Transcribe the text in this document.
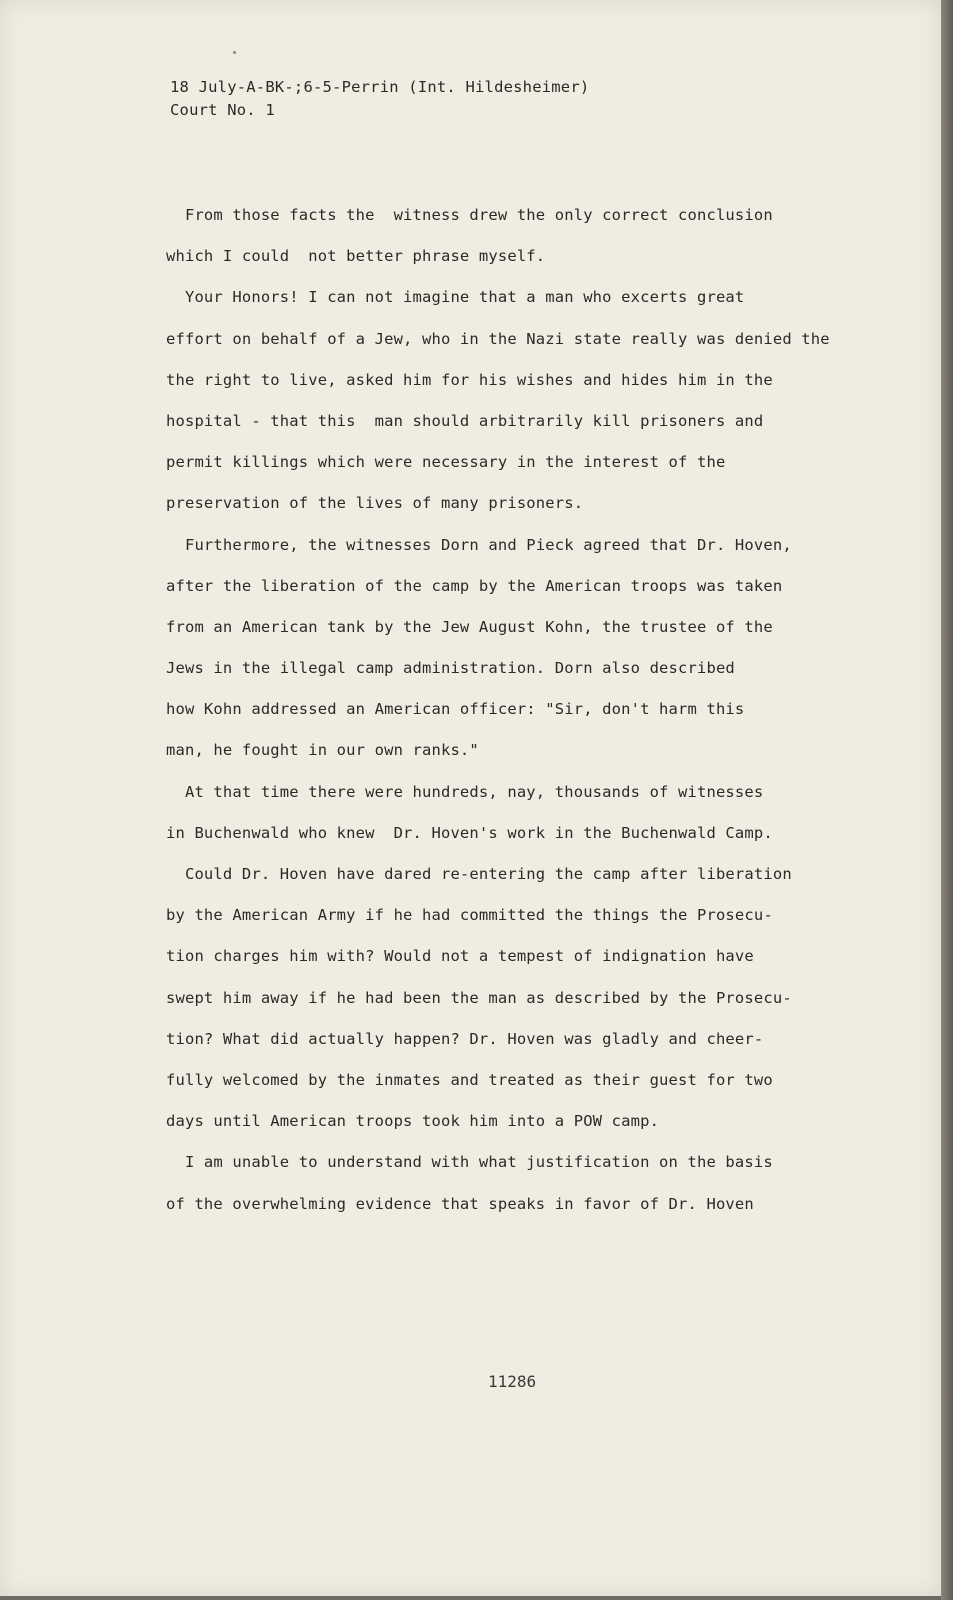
18 July-A-BK-;6-5-Perrin (Int. Hildesheimer)
Court No. 1
From those facts the  witness drew the only correct conclusion
which I could  not better phrase myself.
Your Honors! I can not imagine that a man who excerts great
effort on behalf of a Jew, who in the Nazi state really was denied the
the right to live, asked him for his wishes and hides him in the
hospital - that this  man should arbitrarily kill prisoners and
permit killings which were necessary in the interest of the
preservation of the lives of many prisoners.
Furthermore, the witnesses Dorn and Pieck agreed that Dr. Hoven,
after the liberation of the camp by the American troops was taken
from an American tank by the Jew August Kohn, the trustee of the
Jews in the illegal camp administration. Dorn also described
how Kohn addressed an American officer: "Sir, don't harm this
man, he fought in our own ranks."
At that time there were hundreds, nay, thousands of witnesses
in Buchenwald who knew  Dr. Hoven's work in the Buchenwald Camp.
Could Dr. Hoven have dared re-entering the camp after liberation
by the American Army if he had committed the things the Prosecu-
tion charges him with? Would not a tempest of indignation have
swept him away if he had been the man as described by the Prosecu-
tion? What did actually happen? Dr. Hoven was gladly and cheer-
fully welcomed by the inmates and treated as their guest for two
days until American troops took him into a POW camp.
I am unable to understand with what justification on the basis
of the overwhelming evidence that speaks in favor of Dr. Hoven
11286
